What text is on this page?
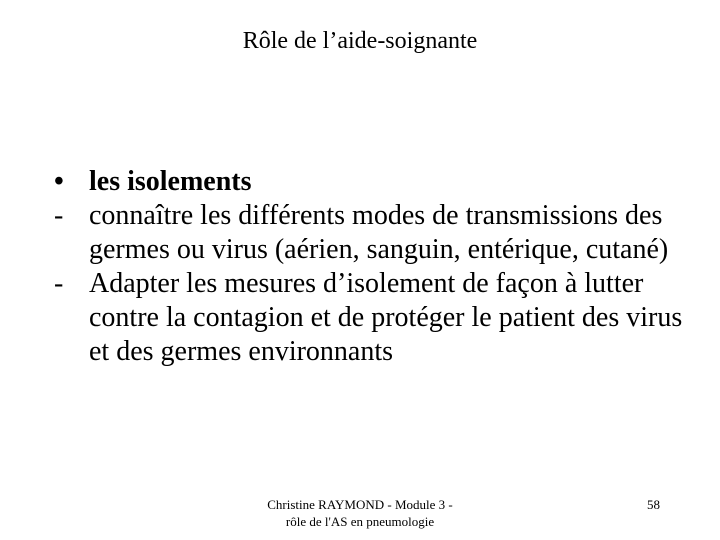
Rôle de l’aide-soignante
• les isolements
- connaître les différents modes de transmissions des germes ou virus (aérien, sanguin, entérique, cutané)
- Adapter les mesures d’isolement de façon à lutter contre la contagion et de protéger le patient des virus et des germes environnants
Christine RAYMOND - Module 3 -
rôle de l'AS en pneumologie
58
